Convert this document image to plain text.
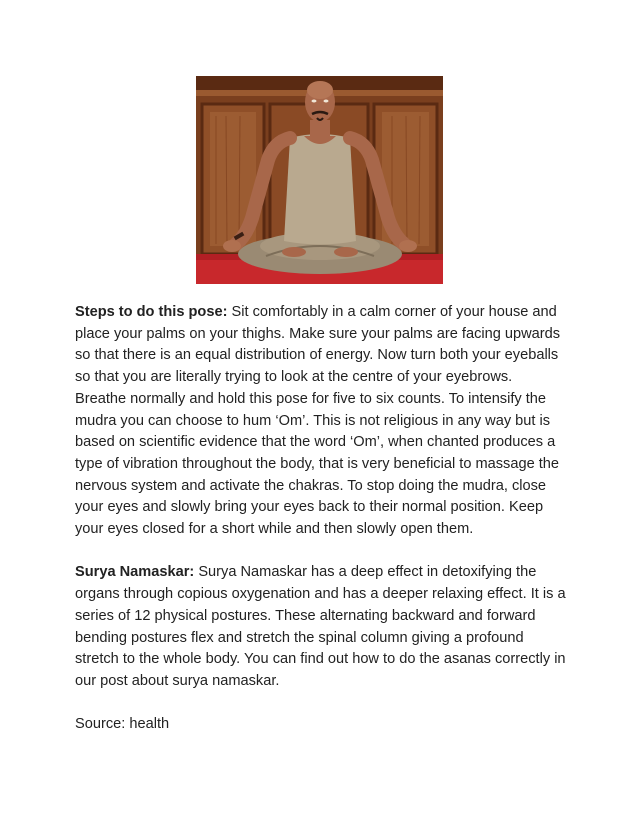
Steps to do this pose: Sit comfortably in a calm corner of your house and place your palms on your thighs. Make sure your palms are facing upwards so that there is an equal distribution of energy. Now turn both your eyeballs so that you are literally trying to look at the centre of your eyebrows. Breathe normally and hold this pose for five to six counts. To intensify the mudra you can choose to hum ‘Om’. This is not religious in any way but is based on scientific evidence that the word ‘Om’, when chanted produces a type of vibration throughout the body, that is very beneficial to massage the nervous system and activate the chakras. To stop doing the mudra, close your eyes and slowly bring your eyes back to their normal position. Keep your eyes closed for a short while and then slowly open them.

Surya Namaskar: Surya Namaskar has a deep effect in detoxifying the organs through copious oxygenation and has a deeper relaxing effect. It is a series of 12 physical postures. These alternating backward and forward bending postures flex and stretch the spinal column giving a profound stretch to the whole body. You can find out how to do the asanas correctly in our post about surya namaskar.

Source: health
